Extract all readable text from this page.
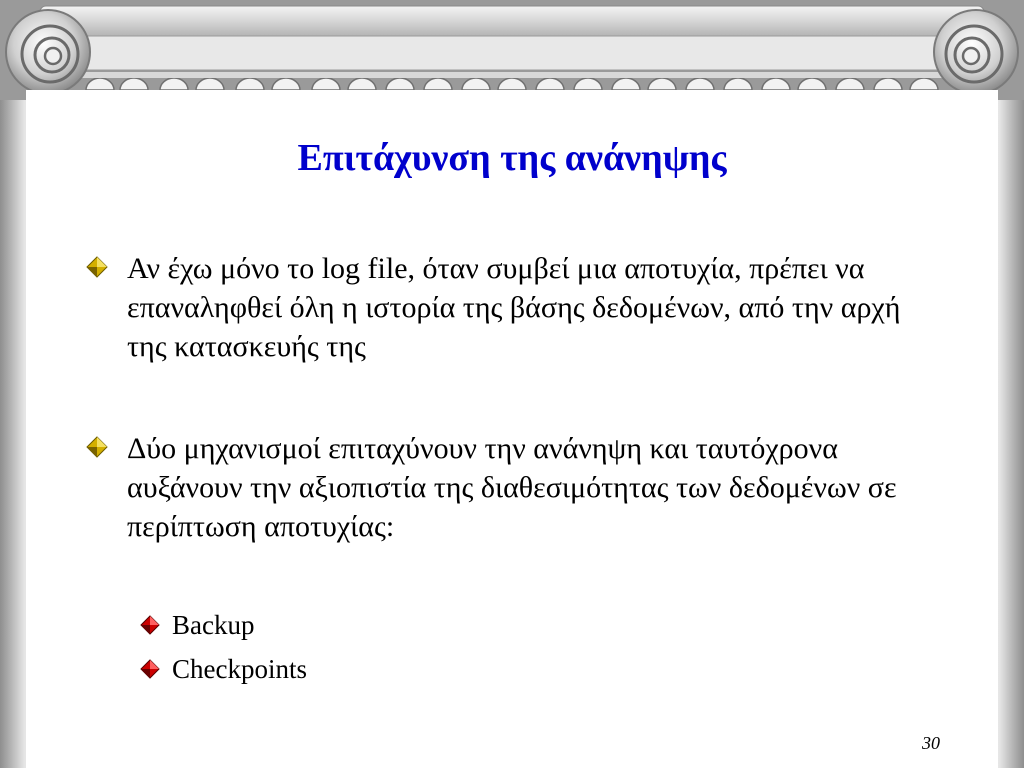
Επιτάχυνση της ανάνηψης
Αν έχω μόνο το log file, όταν συμβεί μια αποτυχία, πρέπει να επαναληφθεί όλη η ιστορία της βάσης δεδομένων, από την αρχή της κατασκευής της
Δύο μηχανισμοί επιταχύνουν την ανάνηψη και ταυτόχρονα αυξάνουν την αξιοπιστία της διαθεσιμότητας των δεδομένων σε περίπτωση αποτυχίας:
Backup
Checkpoints
30
